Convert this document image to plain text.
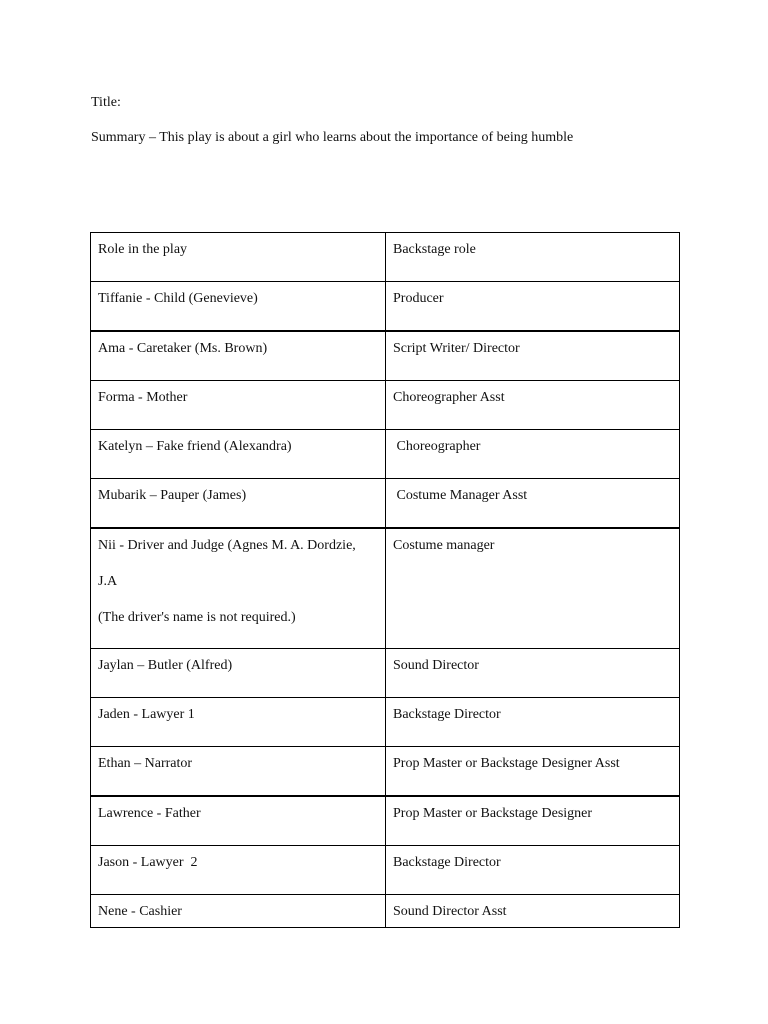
Title:
Summary – This play is about a girl who learns about the importance of being humble
Role in the play	Backstage role
Tiffanie - Child (Genevieve)	Producer
Ama - Caretaker (Ms. Brown)	Script Writer/ Director
Forma - Mother	Choreographer Asst
Katelyn – Fake friend (Alexandra)	Choreographer
Mubarik – Pauper (James)	Costume Manager Asst

Nii - Driver and Judge (Agnes M. A. Dordzie,
J.A
(The driver's name is not required.)	Costume manager
Jaylan – Butler (Alfred)	Sound Director
Jaden - Lawyer 1	Backstage Director
Ethan – Narrator	Prop Master or Backstage Designer Asst
Lawrence - Father	Prop Master or Backstage Designer
Jason - Lawyer  2	Backstage Director
Nene - Cashier	Sound Director Asst
